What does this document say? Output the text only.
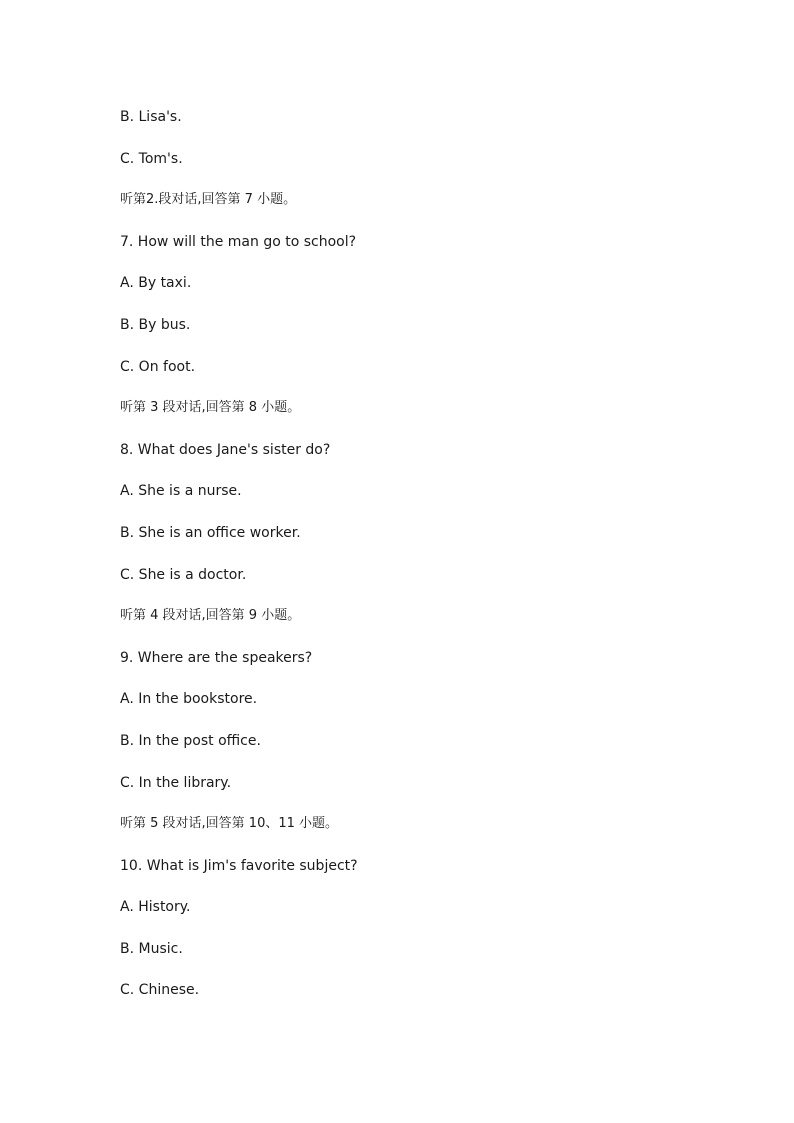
B. Lisa's.
C. Tom's.
听第2.段对话,回答第 7 小题。
7. How will the man go to school?
A. By taxi.
B. By bus.
C. On foot.
听第 3 段对话,回答第 8 小题。
8. What does Jane's sister do?
A. She is a nurse.
B. She is an office worker.
C. She is a doctor.
听第 4 段对话,回答第 9 小题。
9. Where are the speakers?
A. In the bookstore.
B. In the post office.
C. In the library.
听第 5 段对话,回答第 10、11 小题。
10. What is Jim's favorite subject?
A. History.
B. Music.
C. Chinese.
